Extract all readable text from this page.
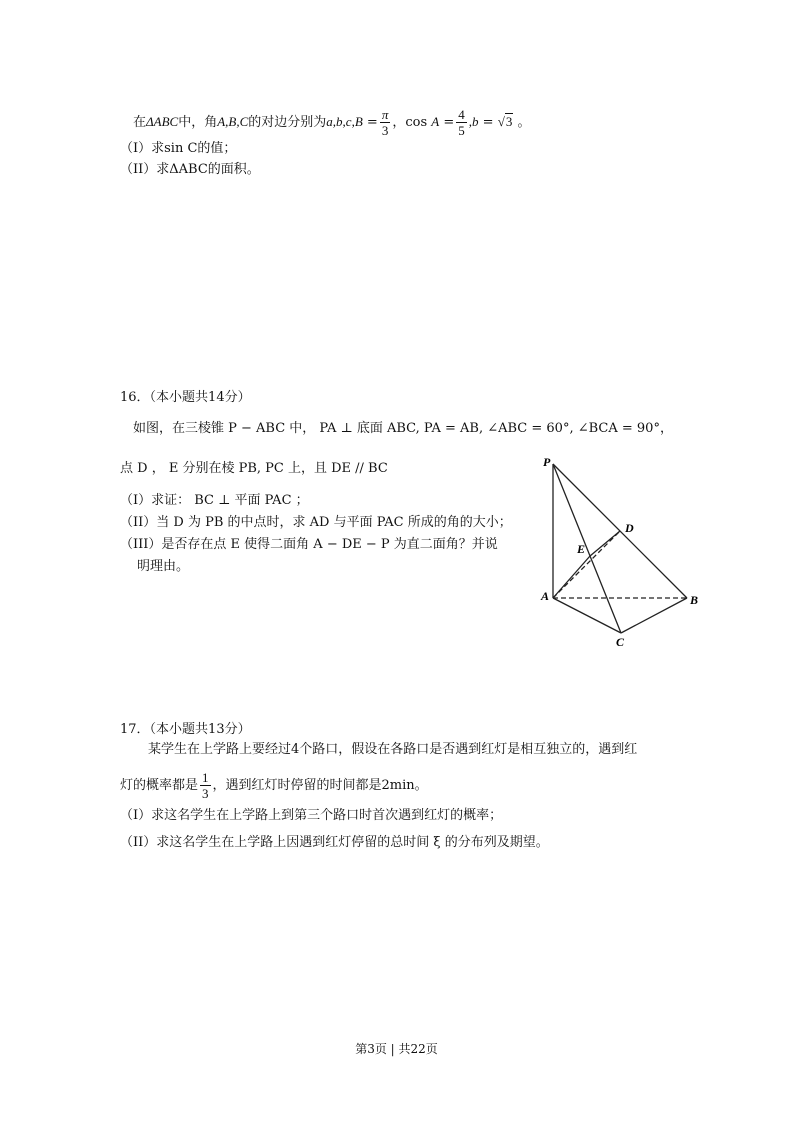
在ΔABC中，角A,B,C的对边分别为$a,b,c,B = \frac{\pi}{3}$ ，$\cos A = \frac{4}{5} ,b = √3$ 。
（I）求sin C的值；
（II）求ΔABC的面积。
16．（本小题共14分）
如图，在三棱锥 P − ABC 中， PA ⊥ 底面 ABC, PA = AB, ∠ABC = 60°, ∠BCA = 90°，
点 D ， E 分别在棱 PB, PC 上，且 DE // BC
（I）求证： BC ⊥ 平面 PAC ；
（II）当 D 为 PB 的中点时，求 AD 与平面 PAC 所成的角的大小；
（III）是否存在点 E 使得二面角 A − DE − P 为直二面角？并说
明理由。
P
D
E
A	B
C
17．（本小题共13分）
某学生在上学路上要经过4个路口，假设在各路口是否遇到红灯是相互独立的，遇到红
灯的概率都是 $\frac{1}{3}$ ，遇到红灯时停留的时间都是2min。
（I）求这名学生在上学路上到第三个路口时首次遇到红灯的概率；
（II）求这名学生在上学路上因遇到红灯停留的总时间 ξ 的分布列及期望。
第3页 | 共22页
